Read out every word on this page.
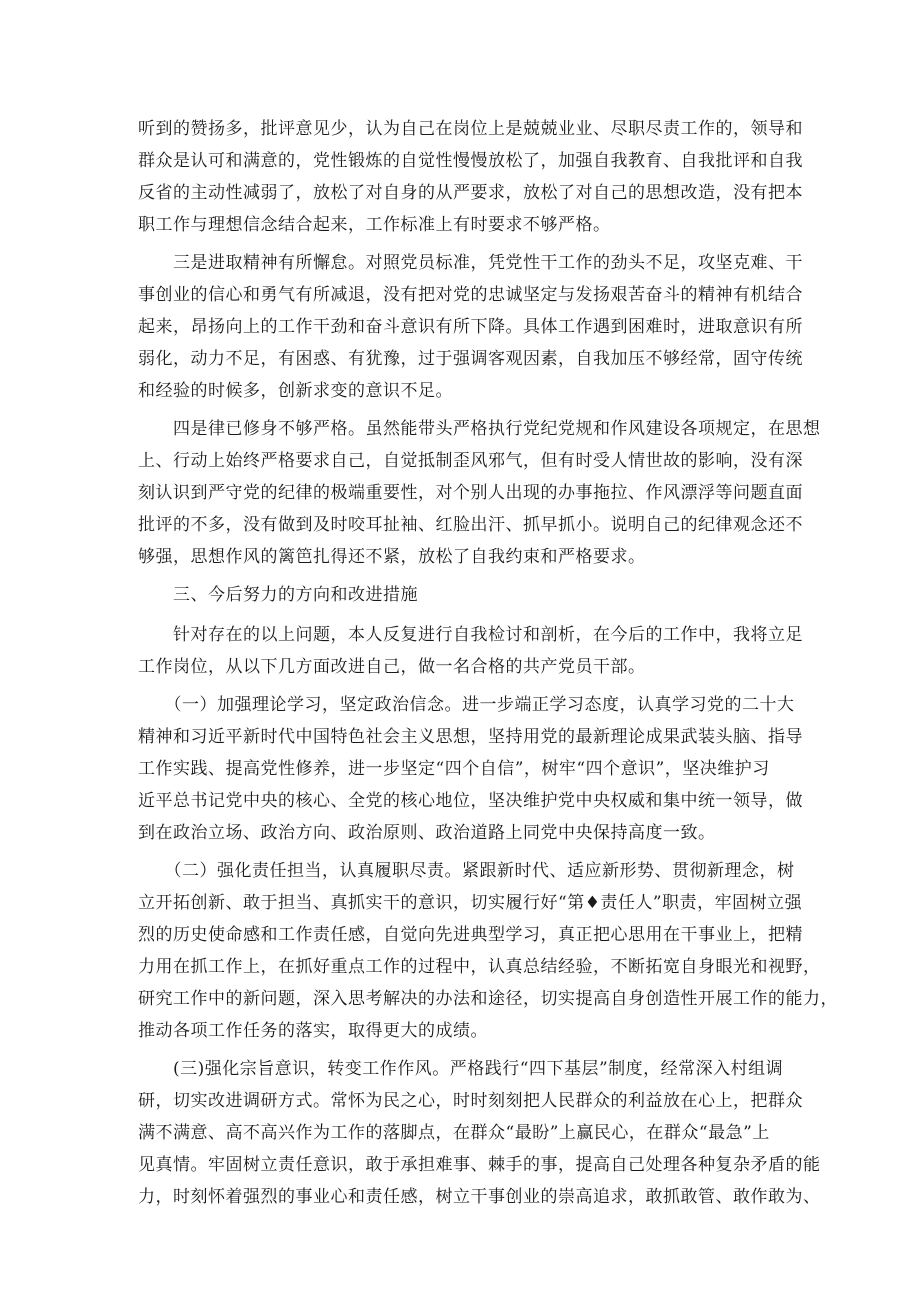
听到的赞扬多，批评意见少，认为自己在岗位上是兢兢业业、尽职尽责工作的，领导和

群众是认可和满意的，党性锻炼的自觉性慢慢放松了，加强自我教育、自我批评和自我

反省的主动性减弱了，放松了对自身的从严要求，放松了对自己的思想改造，没有把本

职工作与理想信念结合起来，工作标准上有时要求不够严格。

　　三是进取精神有所懈怠。对照党员标准，凭党性干工作的劲头不足，攻坚克难、干

事创业的信心和勇气有所减退，没有把对党的忠诚坚定与发扬艰苦奋斗的精神有机结合

起来，昂扬向上的工作干劲和奋斗意识有所下降。具体工作遇到困难时，进取意识有所

弱化，动力不足，有困惑、有犹豫，过于强调客观因素，自我加压不够经常，固守传统

和经验的时候多，创新求变的意识不足。

　　四是律已修身不够严格。虽然能带头严格执行党纪党规和作风建设各项规定，在思想

上、行动上始终严格要求自己，自觉抵制歪风邪气，但有时受人情世故的影响，没有深

刻认识到严守党的纪律的极端重要性，对个别人出现的办事拖拉、作风漂浮等问题直面

批评的不多，没有做到及时咬耳扯袖、红脸出汗、抓早抓小。说明自己的纪律观念还不

够强，思想作风的篱笆扎得还不紧，放松了自我约束和严格要求。

　　三、今后努力的方向和改进措施

　　针对存在的以上问题，本人反复进行自我检讨和剖析，在今后的工作中，我将立足

工作岗位，从以下几方面改进自己，做一名合格的共产党员干部。

　　（一）加强理论学习，坚定政治信念。进一步端正学习态度，认真学习党的二十大

精神和习近平新时代中国特色社会主义思想，坚持用党的最新理论成果武装头脑、指导

工作实践、提高党性修养，进一步坚定“四个自信”，树牢“四个意识”，坚决维护习

近平总书记党中央的核心、全党的核心地位，坚决维护党中央权威和集中统一领导，做

到在政治立场、政治方向、政治原则、政治道路上同党中央保持高度一致。

　　（二）强化责任担当，认真履职尽责。紧跟新时代、适应新形势、贯彻新理念，树

立开拓创新、敢于担当、真抓实干的意识，切实履行好“第♦责任人”职责，牢固树立强

烈的历史使命感和工作责任感，自觉向先进典型学习，真正把心思用在干事业上，把精

力用在抓工作上，在抓好重点工作的过程中，认真总结经验，不断拓宽自身眼光和视野，

研究工作中的新问题，深入思考解决的办法和途径，切实提高自身创造性开展工作的能力，

推动各项工作任务的落实，取得更大的成绩。

　　(三)强化宗旨意识，转变工作作风。严格践行“四下基层”制度，经常深入村组调

研，切实改进调研方式。常怀为民之心，时时刻刻把人民群众的利益放在心上，把群众

满不满意、高不高兴作为工作的落脚点，在群众“最盼”上赢民心，在群众“最急”上

见真情。牢固树立责任意识，敢于承担难事、棘手的事，提高自己处理各种复杂矛盾的能

力，时刻怀着强烈的事业心和责任感，树立干事创业的崇高追求，敢抓敢管、敢作敢为、
